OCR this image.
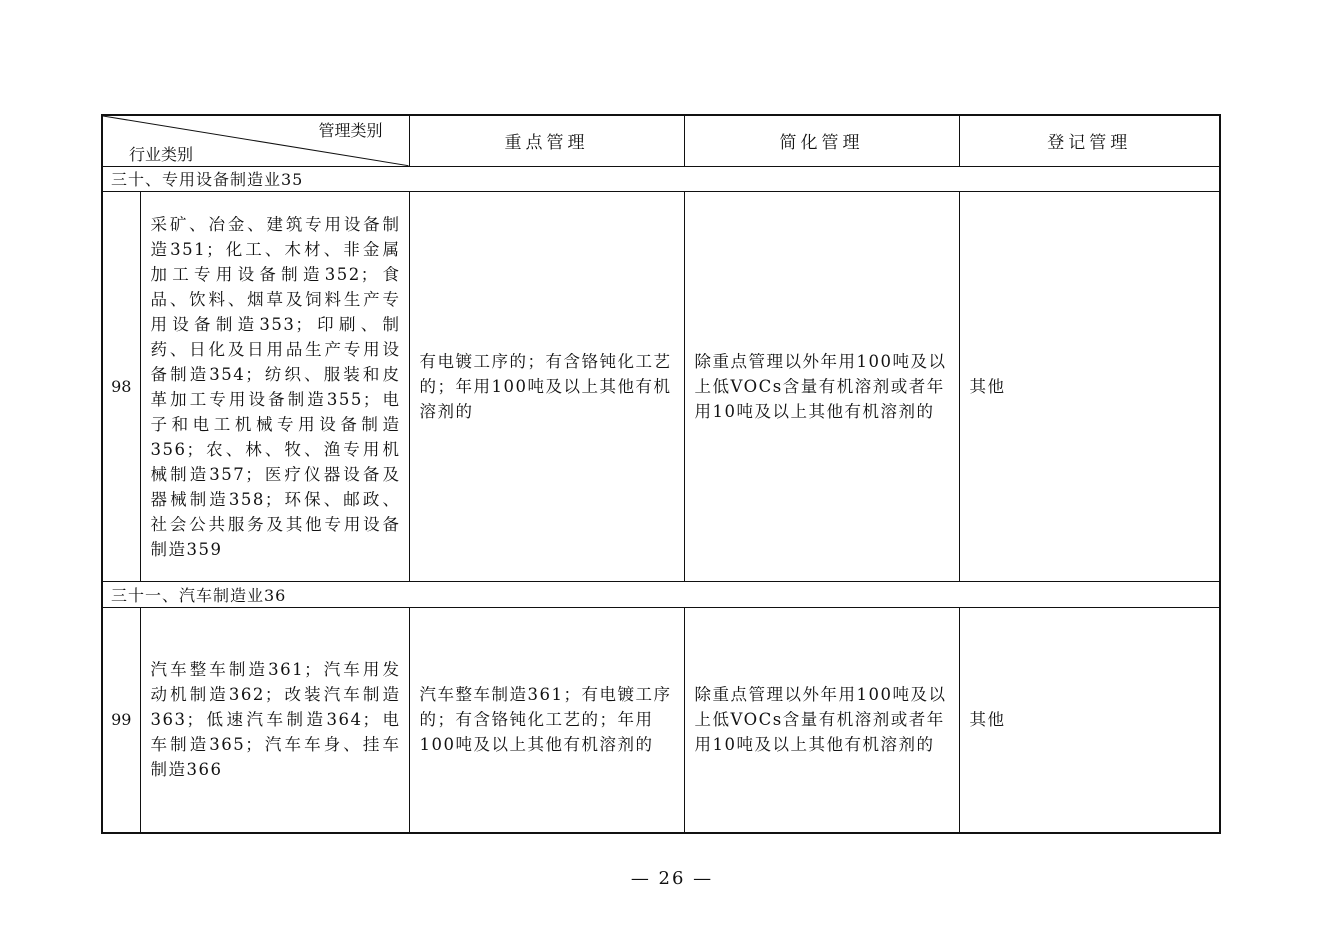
管理类别
行业类别		重点管理	简化管理	登记管理
三十、专用设备制造业35				
98	采矿、冶金、建筑专用设备制造351；化工、木材、非金属加工专用设备制造352；食品、饮料、烟草及饲料生产专用设备制造353；印刷、制药、日化及日用品生产专用设备制造354；纺织、服装和皮革加工专用设备制造355；电子和电工机械专用设备制造356；农、林、牧、渔专用机械制造357；医疗仪器设备及器械制造358；环保、邮政、社会公共服务及其他专用设备制造359	有电镀工序的；有含铬钝化工艺的；年用100吨及以上其他有机溶剂的	除重点管理以外年用100吨及以上低VOCs含量有机溶剂或者年用10吨及以上其他有机溶剂的	其他
三十一、汽车制造业36				
99	汽车整车制造361；汽车用发动机制造362；改装汽车制造363；低速汽车制造364；电车制造365；汽车车身、挂车制造366	汽车整车制造361；有电镀工序的；有含铬钝化工艺的；年用100吨及以上其他有机溶剂的	除重点管理以外年用100吨及以上低VOCs含量有机溶剂或者年用10吨及以上其他有机溶剂的	其他
— 26 —
